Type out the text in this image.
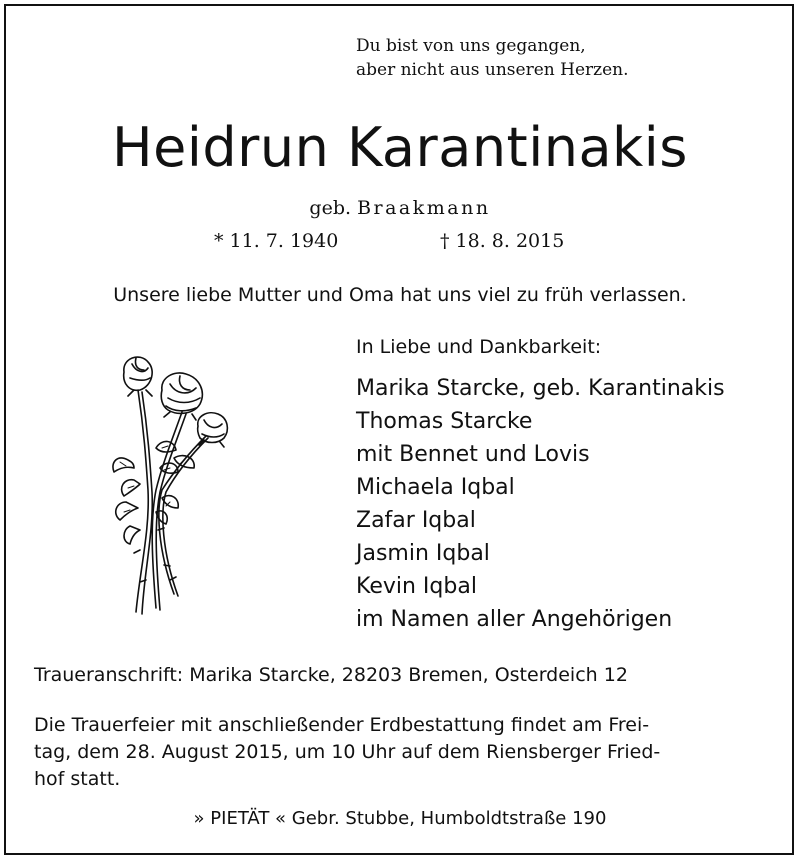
Du bist von uns gegangen,
aber nicht aus unseren Herzen.
Heidrun Karantinakis
geb. Braakmann
* 11. 7. 1940	† 18. 8. 2015
Unsere liebe Mutter und Oma hat uns viel zu früh verlassen.
In Liebe und Dankbarkeit:
Marika Starcke, geb. Karantinakis
Thomas Starcke
mit Bennet und Lovis
Michaela Iqbal
Zafar Iqbal
Jasmin Iqbal
Kevin Iqbal
im Namen aller Angehörigen
Traueranschrift: Marika Starcke, 28203 Bremen, Osterdeich 12
Die Trauerfeier mit anschließender Erdbestattung findet am Frei-
tag, dem 28. August 2015, um 10 Uhr auf dem Riensberger Fried-
hof statt.
» PIETÄT « Gebr. Stubbe, Humboldtstraße 190
